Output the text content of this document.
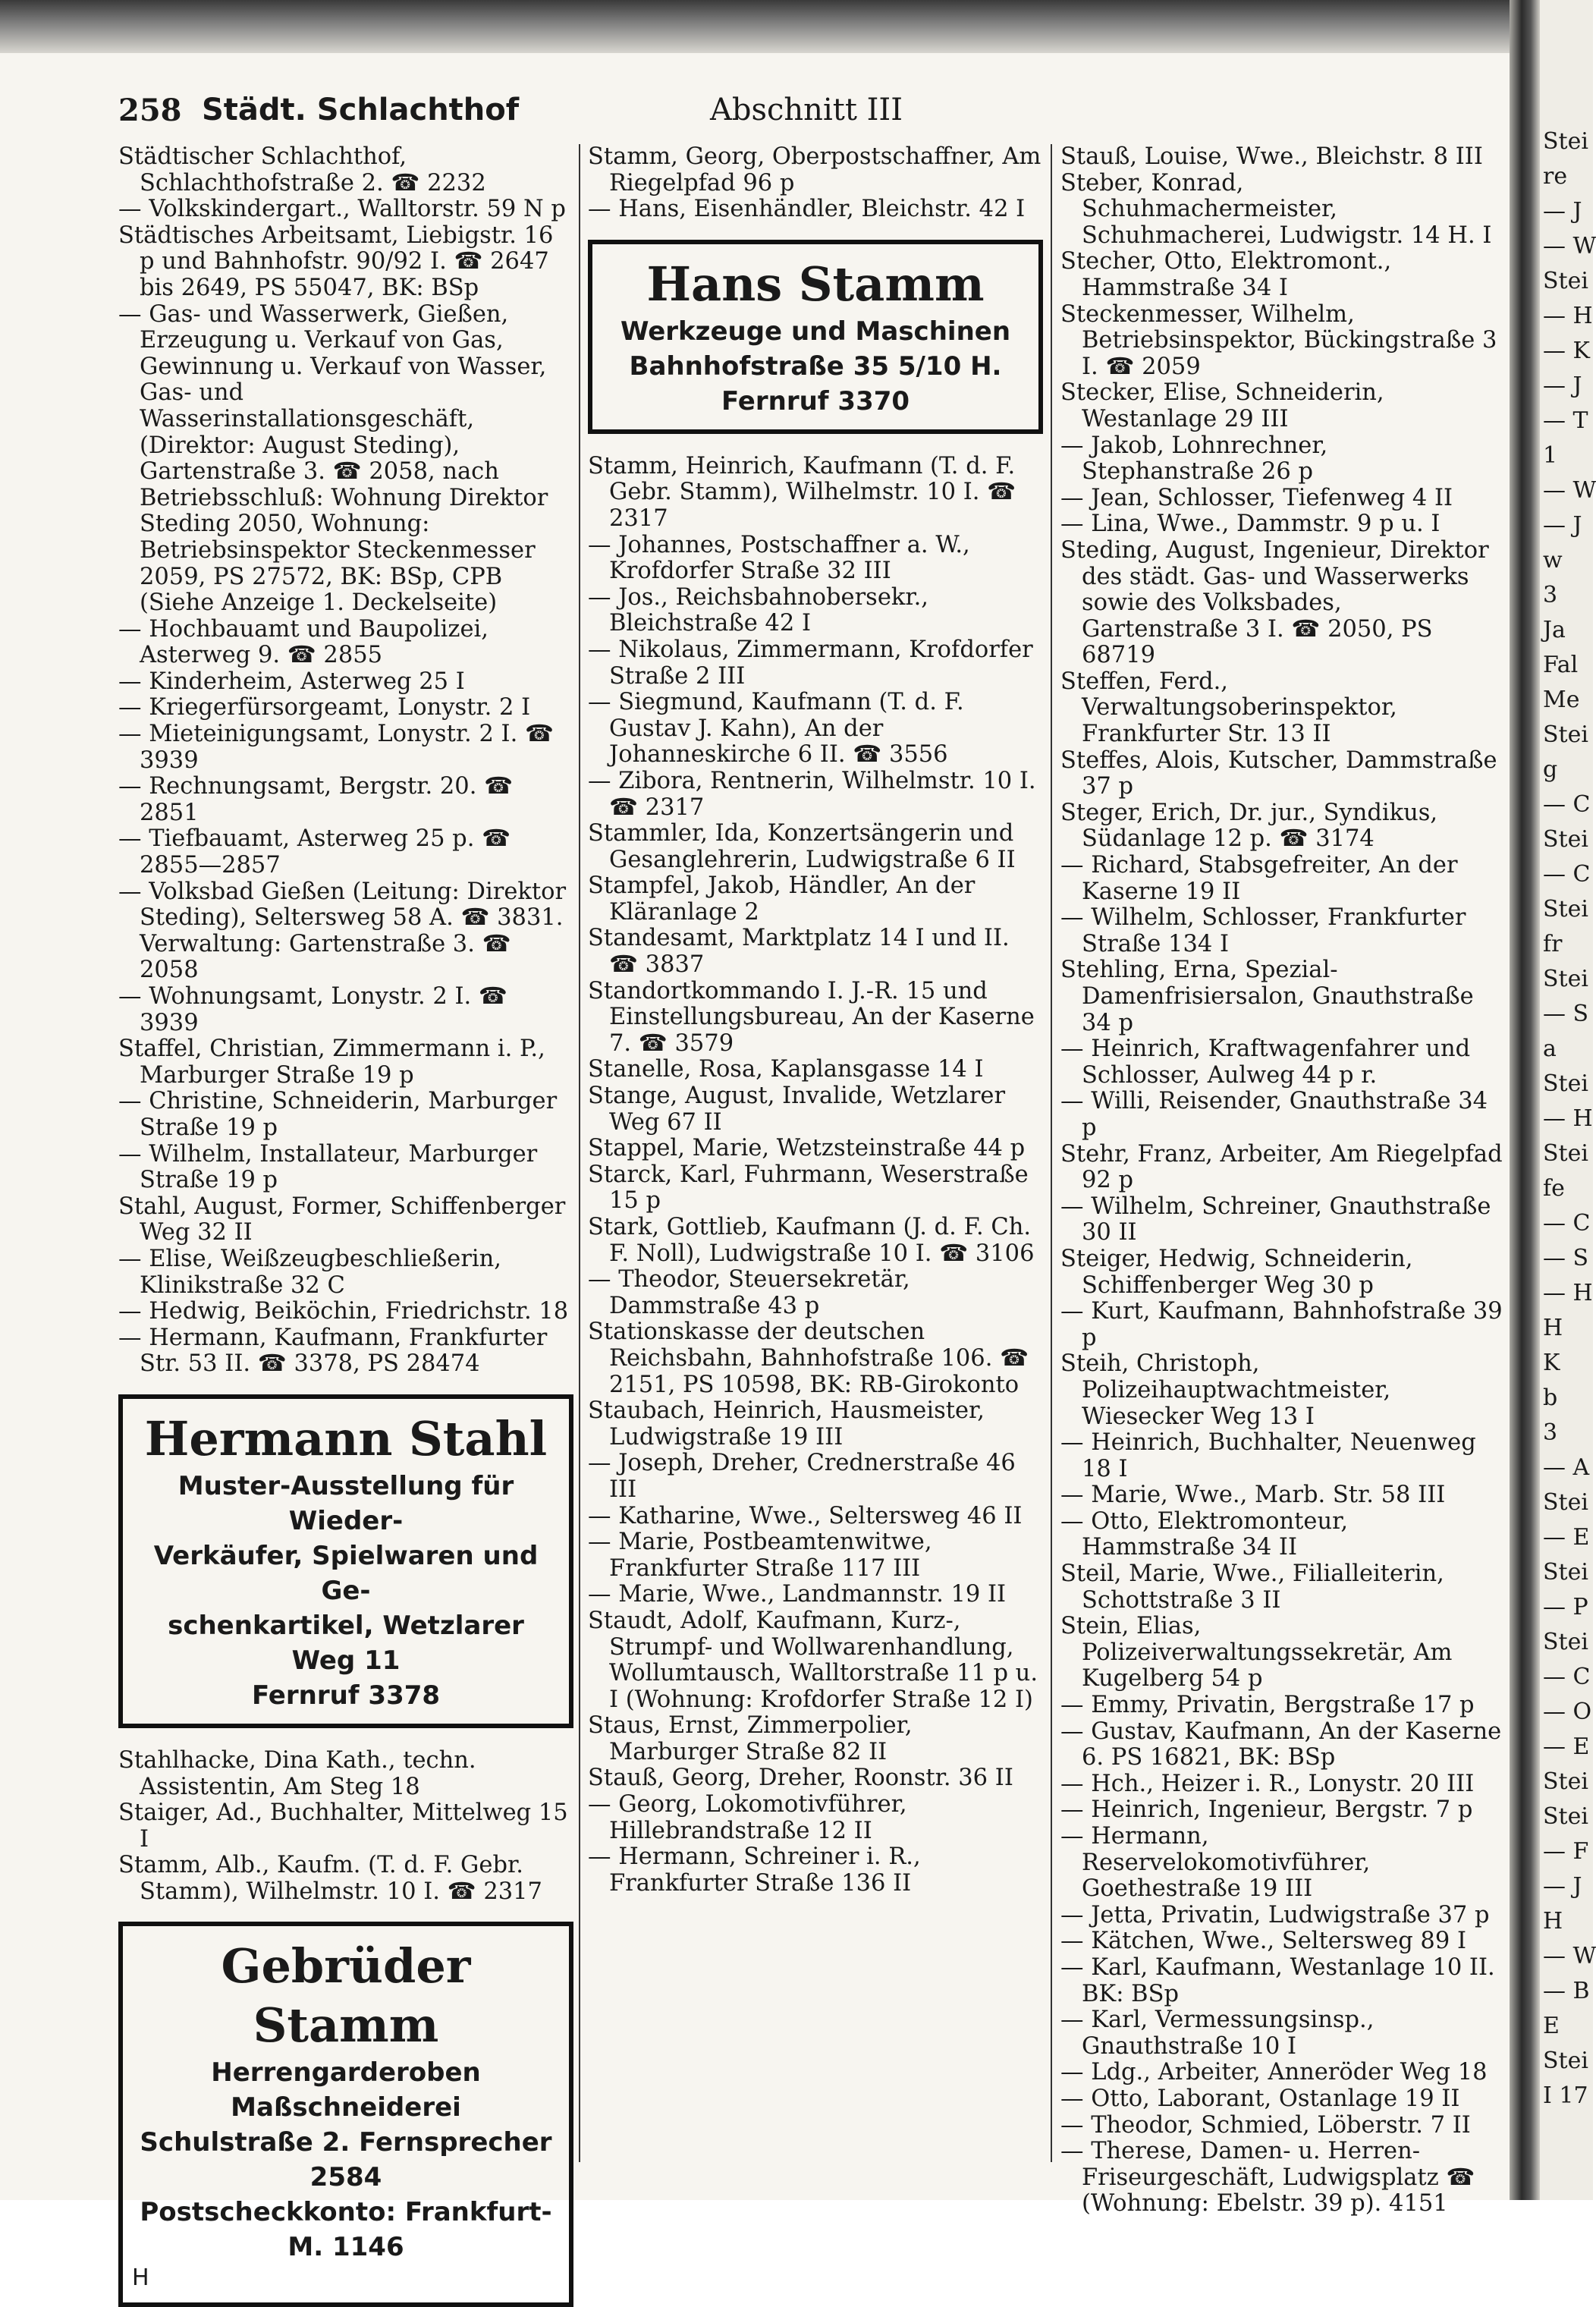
Stei
re
— J
— W
Stei
— H
— K
— J
— T
1
— W
— J
w
3
Ja
Fal
Me
Stei
g
— C
Stei
— C
Stei
fr
Stei
— S
a
Stei
— H
Stei
fe
— C
— S
— H
H
K
b
3
— A
Stei
— E
Stei
— P
Stei
— C
— O
— E
Stei
Stei
— F
— J
H
— W
— B
E
Stei
I 17
258 Städt. Schlachthof	Abschnitt III
Städtischer Schlachthof, Schlachthofstraße 2. ☎ 2232
— Volkskindergart., Walltorstr. 59 N p
Städtisches Arbeitsamt, Liebigstr. 16 p und Bahnhofstr. 90/92 I. ☎ 2647 bis 2649, PS 55047, BK: BSp
— Gas- und Wasserwerk, Gießen, Erzeugung u. Verkauf von Gas, Gewinnung u. Verkauf von Wasser, Gas- und Wasserinstallationsgeschäft, (Direktor: August Steding), Gartenstraße 3. ☎ 2058, nach Betriebsschluß: Wohnung Direktor Steding 2050, Wohnung: Betriebsinspektor Steckenmesser 2059, PS 27572, BK: BSp, CPB (Siehe Anzeige 1. Deckelseite)
— Hochbauamt und Baupolizei, Asterweg 9. ☎ 2855
— Kinderheim, Asterweg 25 I
— Kriegerfürsorgeamt, Lonystr. 2 I
— Mieteinigungsamt, Lonystr. 2 I. ☎ 3939
— Rechnungsamt, Bergstr. 20. ☎ 2851
— Tiefbauamt, Asterweg 25 p. ☎ 2855—2857
— Volksbad Gießen (Leitung: Direktor Steding), Seltersweg 58 A. ☎ 3831. Verwaltung: Gartenstraße 3. ☎ 2058
— Wohnungsamt, Lonystr. 2 I. ☎ 3939
Staffel, Christian, Zimmermann i. P., Marburger Straße 19 p
— Christine, Schneiderin, Marburger Straße 19 p
— Wilhelm, Installateur, Marburger Straße 19 p
Stahl, August, Former, Schiffenberger Weg 32 II
— Elise, Weißzeugbeschließerin, Klinikstraße 32 C
— Hedwig, Beiköchin, Friedrichstr. 18
— Hermann, Kaufmann, Frankfurter Str. 53 II. ☎ 3378, PS 28474
Hermann Stahl
Muster-Ausstellung für Wieder-
Verkäufer, Spielwaren und Ge-
schenkartikel, Wetzlarer Weg 11
Fernruf 3378
Stahlhacke, Dina Kath., techn. Assistentin, Am Steg 18
Staiger, Ad., Buchhalter, Mittelweg 15 I
Stamm, Alb., Kaufm. (T. d. F. Gebr. Stamm), Wilhelmstr. 10 I. ☎ 2317
Gebrüder Stamm
Herrengarderoben
Maßschneiderei
Schulstraße 2. Fernsprecher 2584
Postscheckkonto: Frankfurt-M. 1146
H
Stamm, Georg, Oberpostschaffner, Am Riegelpfad 96 p
— Hans, Eisenhändler, Bleichstr. 42 I
Hans Stamm
Werkzeuge und Maschinen
Bahnhofstraße 35 5/10 H.
Fernruf 3370
Stamm, Heinrich, Kaufmann (T. d. F. Gebr. Stamm), Wilhelmstr. 10 I. ☎ 2317
— Johannes, Postschaffner a. W., Krofdorfer Straße 32 III
— Jos., Reichsbahnobersekr., Bleichstraße 42 I
— Nikolaus, Zimmermann, Krofdorfer Straße 2 III
— Siegmund, Kaufmann (T. d. F. Gustav J. Kahn), An der Johanneskirche 6 II. ☎ 3556
— Zibora, Rentnerin, Wilhelmstr. 10 I. ☎ 2317
Stammler, Ida, Konzertsängerin und Gesanglehrerin, Ludwigstraße 6 II
Stampfel, Jakob, Händler, An der Kläranlage 2
Standesamt, Marktplatz 14 I und II. ☎ 3837
Standortkommando I. J.-R. 15 und Einstellungsbureau, An der Kaserne 7. ☎ 3579
Stanelle, Rosa, Kaplansgasse 14 I
Stange, August, Invalide, Wetzlarer Weg 67 II
Stappel, Marie, Wetzsteinstraße 44 p
Starck, Karl, Fuhrmann, Weserstraße 15 p
Stark, Gottlieb, Kaufmann (J. d. F. Ch. F. Noll), Ludwigstraße 10 I. ☎ 3106
— Theodor, Steuersekretär, Dammstraße 43 p
Stationskasse der deutschen Reichsbahn, Bahnhofstraße 106. ☎ 2151, PS 10598, BK: RB-Girokonto
Staubach, Heinrich, Hausmeister, Ludwigstraße 19 III
— Joseph, Dreher, Crednerstraße 46 III
— Katharine, Wwe., Seltersweg 46 II
— Marie, Postbeamtenwitwe, Frankfurter Straße 117 III
— Marie, Wwe., Landmannstr. 19 II
Staudt, Adolf, Kaufmann, Kurz-, Strumpf- und Wollwarenhandlung, Wollumtausch, Walltorstraße 11 p u. I (Wohnung: Krofdorfer Straße 12 I)
Staus, Ernst, Zimmerpolier, Marburger Straße 82 II
Stauß, Georg, Dreher, Roonstr. 36 II
— Georg, Lokomotivführer, Hillebrandstraße 12 II
— Hermann, Schreiner i. R., Frankfurter Straße 136 II
Stauß, Louise, Wwe., Bleichstr. 8 III
Steber, Konrad, Schuhmachermeister, Schuhmacherei, Ludwigstr. 14 H. I
Stecher, Otto, Elektromont., Hammstraße 34 I
Steckenmesser, Wilhelm, Betriebsinspektor, Bückingstraße 3 I. ☎ 2059
Stecker, Elise, Schneiderin, Westanlage 29 III
— Jakob, Lohnrechner, Stephanstraße 26 p
— Jean, Schlosser, Tiefenweg 4 II
— Lina, Wwe., Dammstr. 9 p u. I
Steding, August, Ingenieur, Direktor des städt. Gas- und Wasserwerks sowie des Volksbades, Gartenstraße 3 I. ☎ 2050, PS 68719
Steffen, Ferd., Verwaltungsoberinspektor, Frankfurter Str. 13 II
Steffes, Alois, Kutscher, Dammstraße 37 p
Steger, Erich, Dr. jur., Syndikus, Südanlage 12 p. ☎ 3174
— Richard, Stabsgefreiter, An der Kaserne 19 II
— Wilhelm, Schlosser, Frankfurter Straße 134 I
Stehling, Erna, Spezial-Damenfrisiersalon, Gnauthstraße 34 p
— Heinrich, Kraftwagenfahrer und Schlosser, Aulweg 44 p r.
— Willi, Reisender, Gnauthstraße 34 p
Stehr, Franz, Arbeiter, Am Riegelpfad 92 p
— Wilhelm, Schreiner, Gnauthstraße 30 II
Steiger, Hedwig, Schneiderin, Schiffenberger Weg 30 p
— Kurt, Kaufmann, Bahnhofstraße 39 p
Steih, Christoph, Polizeihauptwachtmeister, Wiesecker Weg 13 I
— Heinrich, Buchhalter, Neuenweg 18 I
— Marie, Wwe., Marb. Str. 58 III
— Otto, Elektromonteur, Hammstraße 34 II
Steil, Marie, Wwe., Filialleiterin, Schottstraße 3 II
Stein, Elias, Polizeiverwaltungssekretär, Am Kugelberg 54 p
— Emmy, Privatin, Bergstraße 17 p
— Gustav, Kaufmann, An der Kaserne 6. PS 16821, BK: BSp
— Hch., Heizer i. R., Lonystr. 20 III
— Heinrich, Ingenieur, Bergstr. 7 p
— Hermann, Reservelokomotivführer, Goethestraße 19 III
— Jetta, Privatin, Ludwigstraße 37 p
— Kätchen, Wwe., Seltersweg 89 I
— Karl, Kaufmann, Westanlage 10 II. BK: BSp
— Karl, Vermessungsinsp., Gnauthstraße 10 I
— Ldg., Arbeiter, Anneröder Weg 18
— Otto, Laborant, Ostanlage 19 II
— Theodor, Schmied, Löberstr. 7 II
— Therese, Damen- u. Herren-Friseurgeschäft, Ludwigsplatz ☎ (Wohnung: Ebelstr. 39 p). 4151
